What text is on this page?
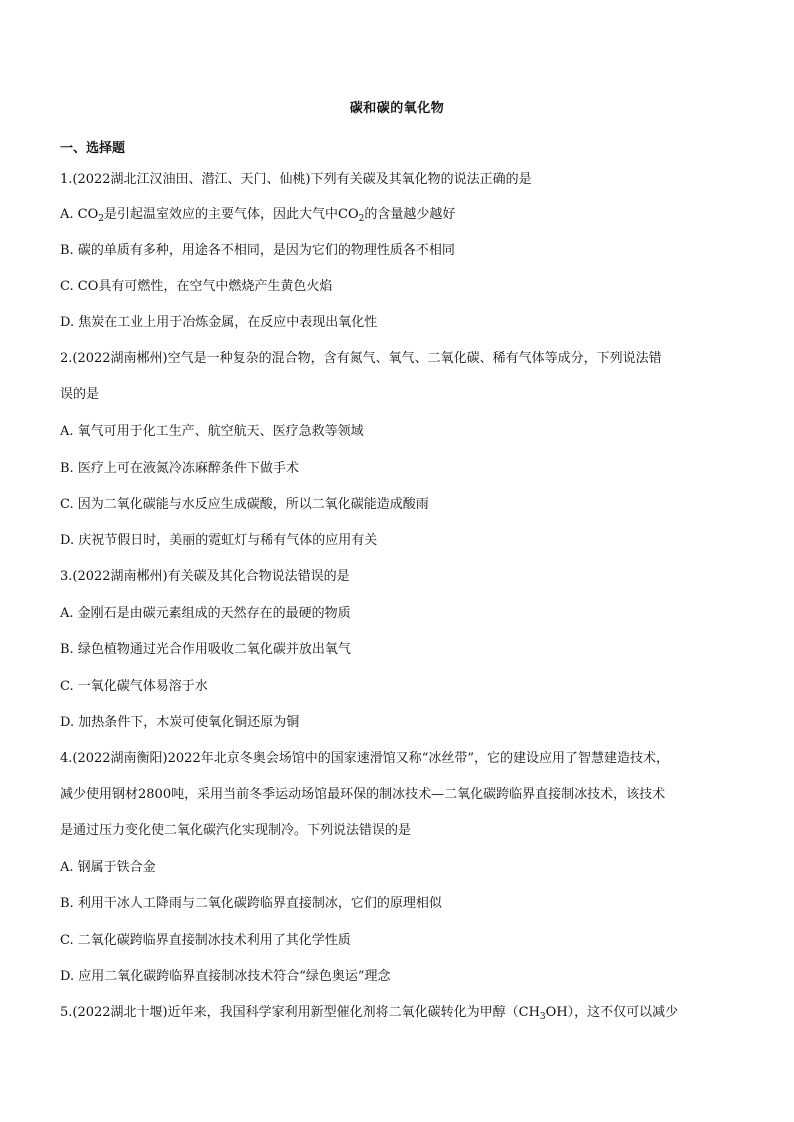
碳和碳的氧化物
一、选择题
1.(2022湖北江汉油田、潜江、天门、仙桃)下列有关碳及其氧化物的说法正确的是
A. $CO_2$是引起温室效应的主要气体，因此大气中$CO_2$的含量越少越好
B. 碳的单质有多种，用途各不相同，是因为它们的物理性质各不相同
C. CO具有可燃性，在空气中燃烧产生黄色火焰
D. 焦炭在工业上用于冶炼金属，在反应中表现出氧化性
2.(2022湖南郴州)空气是一种复杂的混合物，含有氮气、氧气、二氧化碳、稀有气体等成分，下列说法错
误的是
A. 氧气可用于化工生产、航空航天、医疗急救等领域
B. 医疗上可在液氮冷冻麻醉条件下做手术
C. 因为二氧化碳能与水反应生成碳酸，所以二氧化碳能造成酸雨
D. 庆祝节假日时，美丽的霓虹灯与稀有气体的应用有关
3.(2022湖南郴州)有关碳及其化合物说法错误的是
A. 金刚石是由碳元素组成的天然存在的最硬的物质
B. 绿色植物通过光合作用吸收二氧化碳并放出氧气
C. 一氧化碳气体易溶于水
D. 加热条件下，木炭可使氧化铜还原为铜
4.(2022湖南衡阳)2022年北京冬奥会场馆中的国家速滑馆又称“冰丝带”，它的建设应用了智慧建造技术，
减少使用钢材2800吨，采用当前冬季运动场馆最环保的制冰技术—二氧化碳跨临界直接制冰技术，该技术
是通过压力变化使二氧化碳汽化实现制冷。下列说法错误的是
A. 钢属于铁合金
B. 利用干冰人工降雨与二氧化碳跨临界直接制冰，它们的原理相似
C. 二氧化碳跨临界直接制冰技术利用了其化学性质
D. 应用二氧化碳跨临界直接制冰技术符合“绿色奥运”理念
5.(2022湖北十堰)近年来，我国科学家利用新型催化剂将二氧化碳转化为甲醇$(CH_3OH)$，这不仅可以减少
